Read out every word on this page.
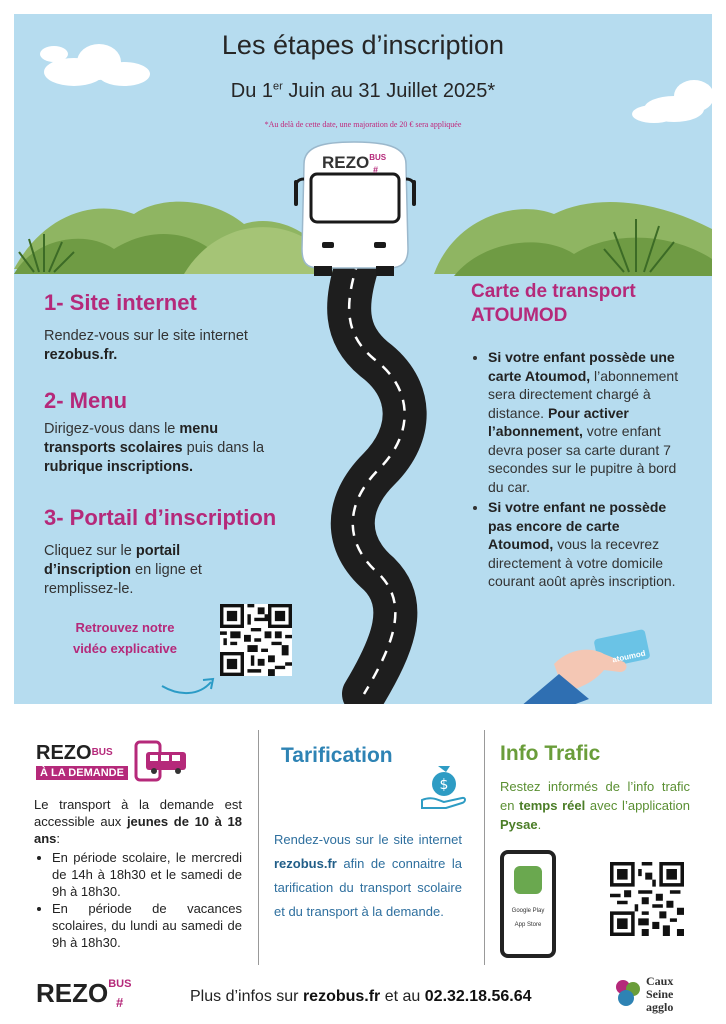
Les étapes d’inscription
Du 1er Juin au 31 Juillet 2025*
*Au delà de cette date, une majoration de 20 € sera appliquée
$REZO^{BUS}$
#
1- Site internet
Rendez-vous sur le site internet
rezobus.fr.
2- Menu
Dirigez-vous dans le menu
transports scolaires puis dans la
rubrique inscriptions.
3- Portail d’inscription
Cliquez sur le portail
d’inscription en ligne et
remplissez-le.
Retrouvez notre
vidéo explicative
Carte de transport
ATOUMOD
• Si votre enfant possède une carte Atoumod, l’abonnement sera directement chargé à distance. Pour activer l’abonnement, votre enfant devra poser sa carte durant 7 secondes sur le pupitre à bord du car.
• Si votre enfant ne possède pas encore de carte Atoumod, vous la recevrez directement à votre domicile courant août après inscription.
atoumod
$REZO^{BUS}$
À LA DEMANDE
Le transport à la demande est accessible aux jeunes de 10 à 18 ans:
• En période scolaire, le mercredi de 14h à 18h30 et le samedi de 9h à 18h30.
• En période de vacances scolaires, du lundi au samedi de 9h à 18h30.
Tarification
$
Rendez-vous sur le site internet rezobus.fr afin de connaitre la tarification du transport scolaire et du transport à la demande.
Info Trafic
Restez informés de l’info trafic en temps réel avec l’application Pysae.
Google Play
App Store
$REZO^{BUS}$
#	Plus d’infos sur rezobus.fr et au 02.32.18.56.64
Caux
Seine
agglo
